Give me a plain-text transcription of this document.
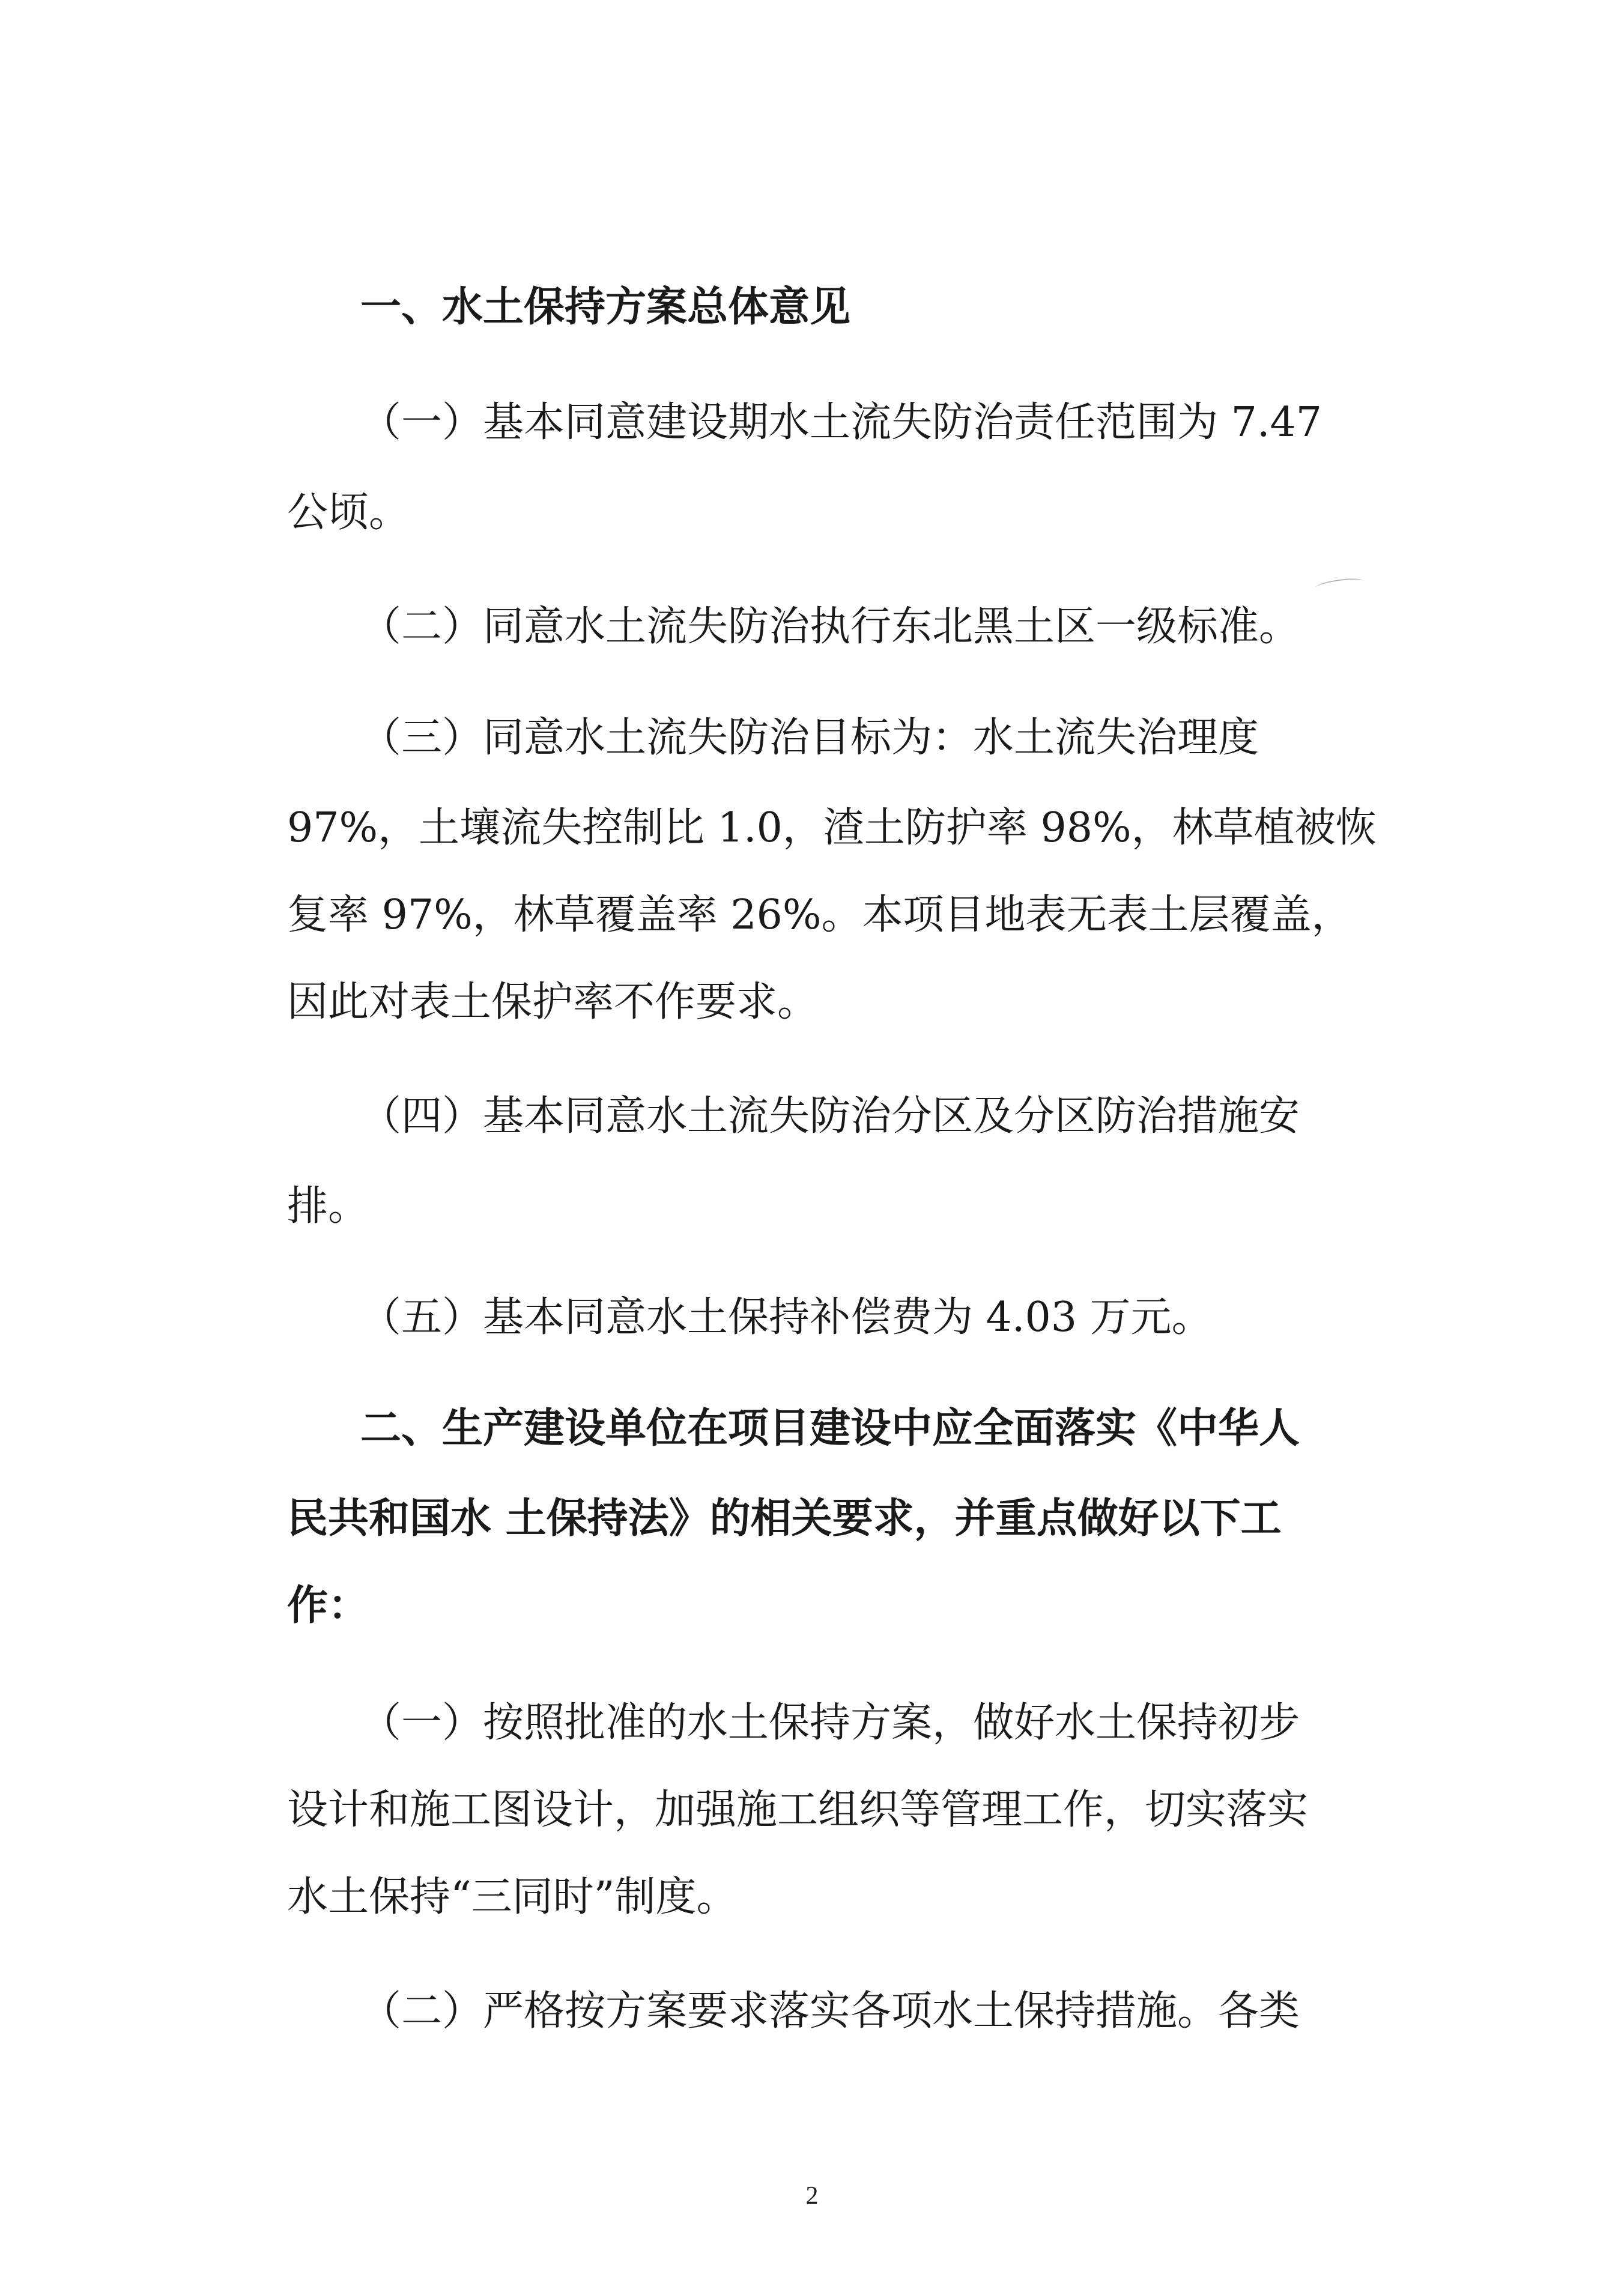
一、水土保持方案总体意见
（一）基本同意建设期水土流失防治责任范围为 7.47
公顷。
（二）同意水土流失防治执行东北黑土区一级标准。
（三）同意水土流失防治目标为：水土流失治理度
97%，土壤流失控制比 1.0，渣土防护率 98%，林草植被恢
复率 97%，林草覆盖率 26%。本项目地表无表土层覆盖，
因此对表土保护率不作要求。
（四）基本同意水土流失防治分区及分区防治措施安
排。
（五）基本同意水土保持补偿费为 4.03 万元。
二、生产建设单位在项目建设中应全面落实《中华人
民共和国水 土保持法》的相关要求，并重点做好以下工
作：
（一）按照批准的水土保持方案，做好水土保持初步
设计和施工图设计，加强施工组织等管理工作，切实落实
水土保持“三同时”制度。
（二）严格按方案要求落实各项水土保持措施。各类
2
